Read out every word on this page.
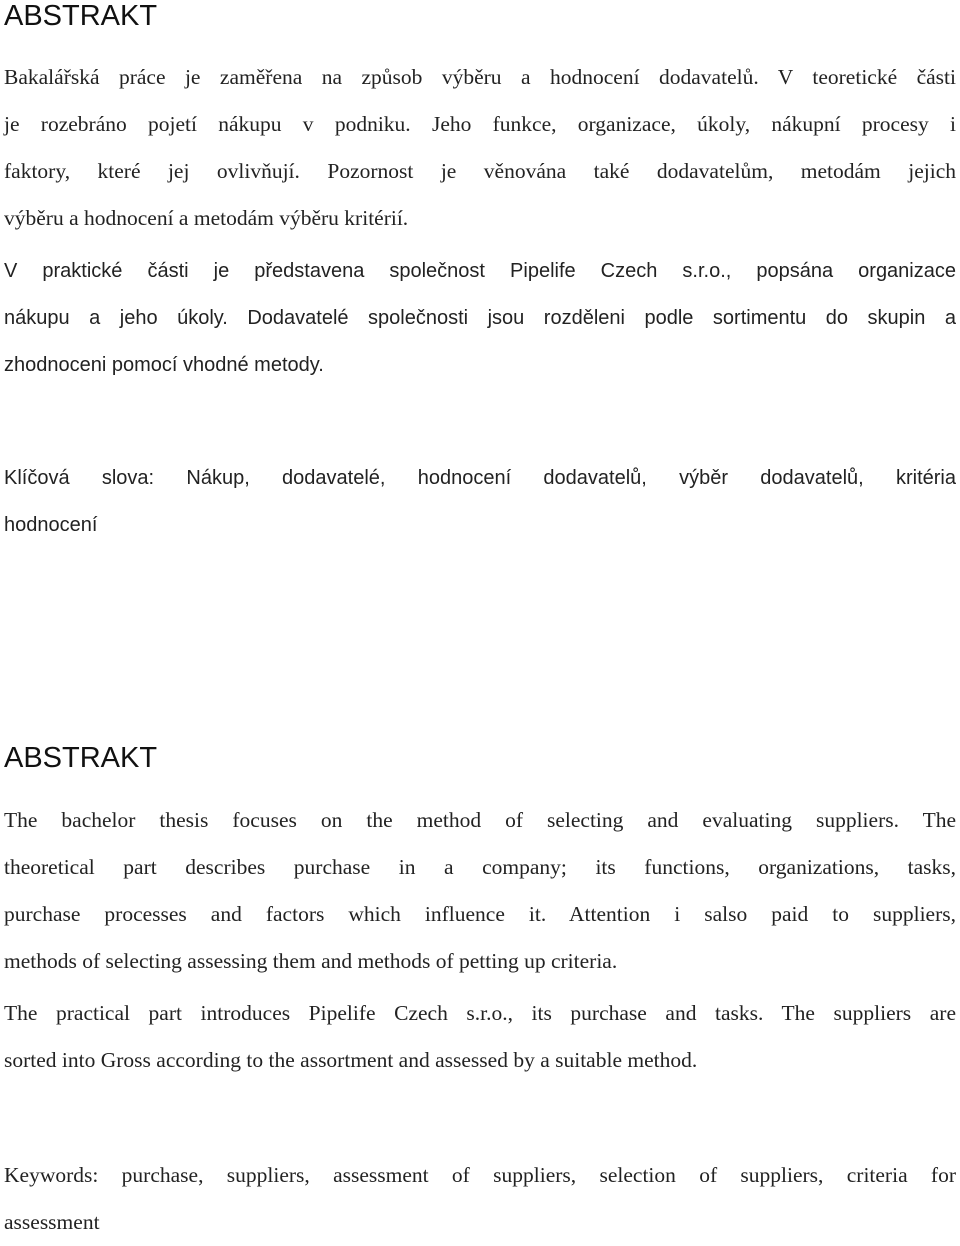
ABSTRAKT
Bakalářská práce je zaměřena na způsob výběru a hodnocení dodavatelů. V teoretické části
je rozebráno pojetí nákupu v podniku. Jeho funkce, organizace, úkoly, nákupní procesy i
faktory, které jej ovlivňují. Pozornost je věnována také dodavatelům, metodám jejich
výběru a hodnocení a metodám výběru kritérií.
V praktické části je představena společnost Pipelife Czech s.r.o., popsána organizace
nákupu a jeho úkoly. Dodavatelé společnosti jsou rozděleni podle sortimentu do skupin a
zhodnoceni pomocí vhodné metody.
Klíčová slova: Nákup, dodavatelé, hodnocení dodavatelů, výběr dodavatelů, kritéria
hodnocení
ABSTRAKT
The bachelor thesis focuses on the method of selecting and evaluating suppliers. The
theoretical part describes purchase in a company; its functions, organizations, tasks,
purchase processes and factors which influence it. Attention i salso paid to suppliers,
methods of selecting assessing them and methods of petting up criteria.
The practical part introduces Pipelife Czech s.r.o., its purchase and tasks. The suppliers are
sorted into Gross according to the assortment and assessed by a suitable method.
Keywords: purchase, suppliers, assessment of suppliers, selection of suppliers, criteria for
assessment
